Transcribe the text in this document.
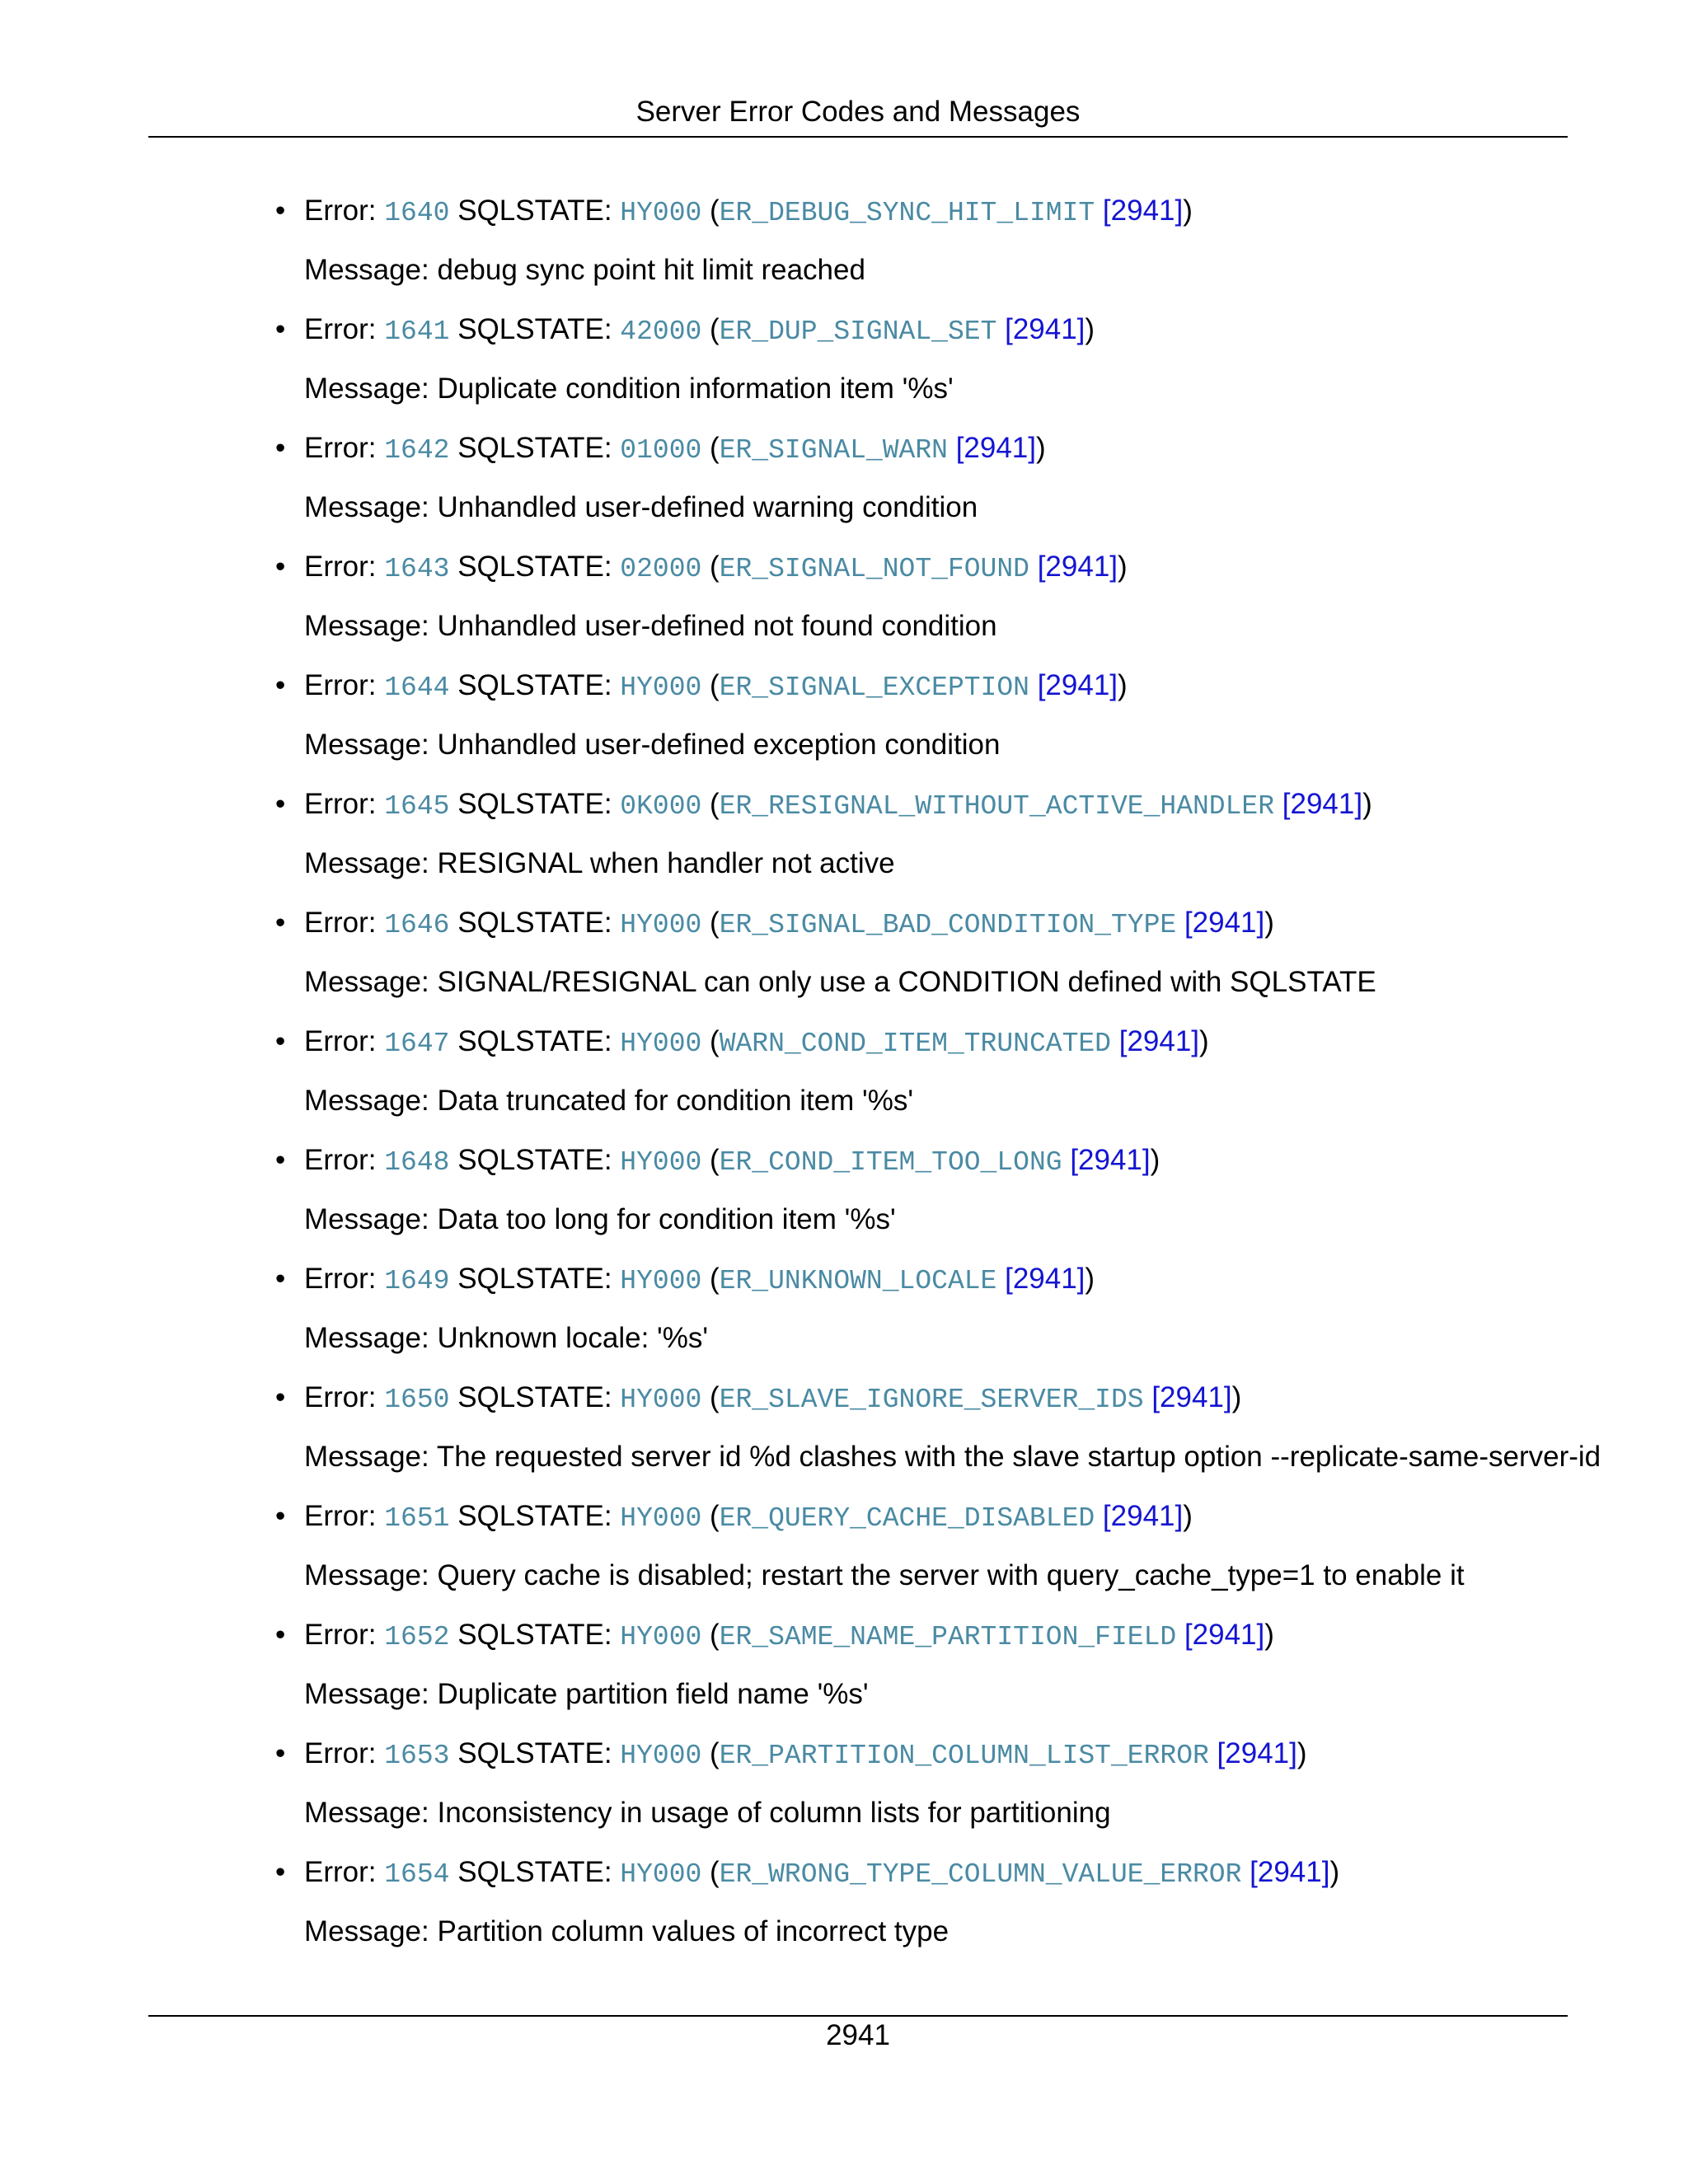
Server Error Codes and Messages
• Error: 1640 SQLSTATE: HY000 (ER_DEBUG_SYNC_HIT_LIMIT [2941])
Message: debug sync point hit limit reached
• Error: 1641 SQLSTATE: 42000 (ER_DUP_SIGNAL_SET [2941])
Message: Duplicate condition information item '%s'
• Error: 1642 SQLSTATE: 01000 (ER_SIGNAL_WARN [2941])
Message: Unhandled user-defined warning condition
• Error: 1643 SQLSTATE: 02000 (ER_SIGNAL_NOT_FOUND [2941])
Message: Unhandled user-defined not found condition
• Error: 1644 SQLSTATE: HY000 (ER_SIGNAL_EXCEPTION [2941])
Message: Unhandled user-defined exception condition
• Error: 1645 SQLSTATE: 0K000 (ER_RESIGNAL_WITHOUT_ACTIVE_HANDLER [2941])
Message: RESIGNAL when handler not active
• Error: 1646 SQLSTATE: HY000 (ER_SIGNAL_BAD_CONDITION_TYPE [2941])
Message: SIGNAL/RESIGNAL can only use a CONDITION defined with SQLSTATE
• Error: 1647 SQLSTATE: HY000 (WARN_COND_ITEM_TRUNCATED [2941])
Message: Data truncated for condition item '%s'
• Error: 1648 SQLSTATE: HY000 (ER_COND_ITEM_TOO_LONG [2941])
Message: Data too long for condition item '%s'
• Error: 1649 SQLSTATE: HY000 (ER_UNKNOWN_LOCALE [2941])
Message: Unknown locale: '%s'
• Error: 1650 SQLSTATE: HY000 (ER_SLAVE_IGNORE_SERVER_IDS [2941])
Message: The requested server id %d clashes with the slave startup option --replicate-same-server-id
• Error: 1651 SQLSTATE: HY000 (ER_QUERY_CACHE_DISABLED [2941])
Message: Query cache is disabled; restart the server with query_cache_type=1 to enable it
• Error: 1652 SQLSTATE: HY000 (ER_SAME_NAME_PARTITION_FIELD [2941])
Message: Duplicate partition field name '%s'
• Error: 1653 SQLSTATE: HY000 (ER_PARTITION_COLUMN_LIST_ERROR [2941])
Message: Inconsistency in usage of column lists for partitioning
• Error: 1654 SQLSTATE: HY000 (ER_WRONG_TYPE_COLUMN_VALUE_ERROR [2941])
Message: Partition column values of incorrect type
2941
